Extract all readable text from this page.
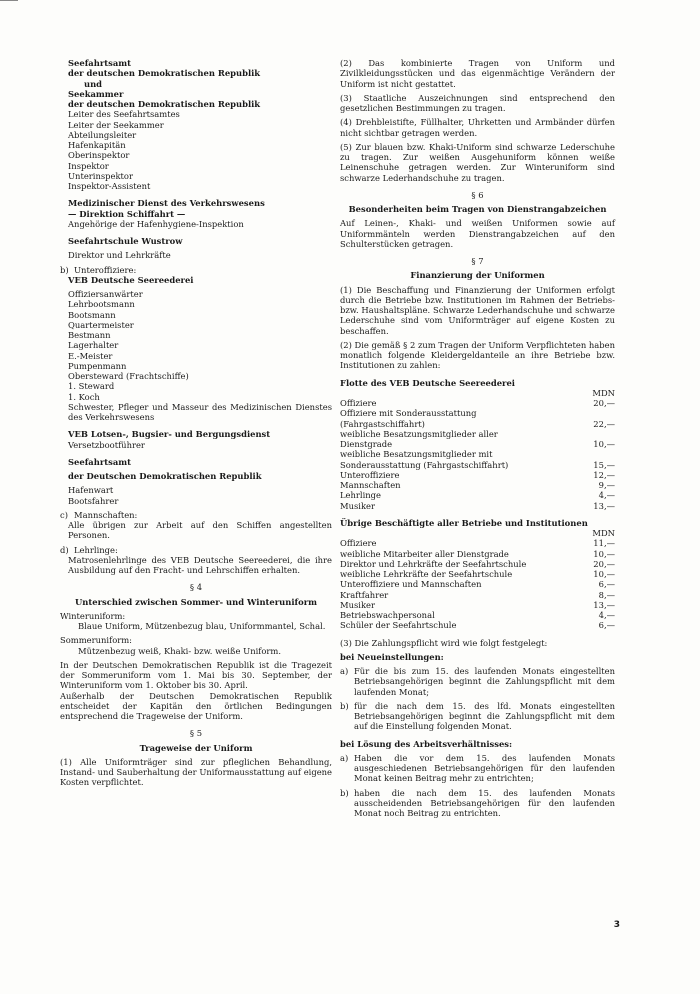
Seefahrtsamt
der deutschen Demokratischen Republik
und
Seekammer
der deutschen Demokratischen Republik
Leiter des Seefahrtsamtes
Leiter der Seekammer
Abteilungsleiter
Hafenkapitän
Oberinspektor
Inspektor
Unterinspektor
Inspektor-Assistent
Medizinischer Dienst des Verkehrswesens
— Direktion Schiffahrt —
Angehörige der Hafenhygiene-Inspektion
Seefahrtschule Wustrow
Direktor und Lehrkräfte
b) Unteroffiziere:
VEB Deutsche Seereederei
Offiziersanwärter
Lehrbootsmann
Bootsmann
Quartermeister
Bestmann
Lagerhalter
E.-Meister
Pumpenmann
Obersteward (Frachtschiffe)
1. Steward
1. Koch
Schwester, Pfleger und Masseur des Medizinischen Dienstes des Verkehrswesens
VEB Lotsen-, Bugsier- und Bergungsdienst
Versetzbootführer
Seefahrtsamt
der Deutschen Demokratischen Republik
Hafenwart
Bootsfahrer
c) Mannschaften:
Alle übrigen zur Arbeit auf den Schiffen angestellten Personen.
d) Lehrlinge:
Matrosenlehrlinge des VEB Deutsche Seereederei, die ihre Ausbildung auf den Fracht- und Lehrschiffen erhalten.
§ 4
Unterschied zwischen Sommer- und Winteruniform
Winteruniform:
Blaue Uniform, Mützenbezug blau, Uniformmantel, Schal.
Sommeruniform:
Mützenbezug weiß, Khaki- bzw. weiße Uniform.
In der Deutschen Demokratischen Republik ist die Tragezeit der Sommeruniform vom 1. Mai bis 30. September, der Winteruniform vom 1. Oktober bis 30. April.
Außerhalb der Deutschen Demokratischen Republik entscheidet der Kapitän den örtlichen Bedingungen entsprechend die Trageweise der Uniform.
§ 5
Trageweise der Uniform
(1) Alle Uniformträger sind zur pfleglichen Behandlung, Instand- und Sauberhaltung der Uniformausstattung auf eigene Kosten verpflichtet.
(2) Das kombinierte Tragen von Uniform und Zivilkleidungsstücken und das eigenmächtige Verändern der Uniform ist nicht gestattet.
(3) Staatliche Auszeichnungen sind entsprechend den gesetzlichen Bestimmungen zu tragen.
(4) Drehbleistifte, Füllhalter, Uhrketten und Armbänder dürfen nicht sichtbar getragen werden.
(5) Zur blauen bzw. Khaki-Uniform sind schwarze Lederschuhe zu tragen. Zur weißen Ausgehuniform können weiße Leinenschuhe getragen werden. Zur Winteruniform sind schwarze Lederhandschuhe zu tragen.
§ 6
Besonderheiten beim Tragen von Dienstrangabzeichen
Auf Leinen-, Khaki- und weißen Uniformen sowie auf Uniformmänteln werden Dienstrangabzeichen auf den Schulterstücken getragen.
§ 7
Finanzierung der Uniformen
(1) Die Beschaffung und Finanzierung der Uniformen erfolgt durch die Betriebe bzw. Institutionen im Rahmen der Betriebs- bzw. Haushaltspläne. Schwarze Lederhandschuhe und schwarze Lederschuhe sind vom Uniformträger auf eigene Kosten zu beschaffen.
(2) Die gemäß § 2 zum Tragen der Uniform Verpflichteten haben monatlich folgende Kleidergeldanteile an ihre Betriebe bzw. Institutionen zu zahlen:
Flotte des VEB Deutsche Seereederei
MDN
Offiziere	20,—
Offiziere mit Sonderausstattung
(Fahrgastschiffahrt)	22,—
weibliche Besatzungsmitglieder aller
Dienstgrade	10,—
weibliche Besatzungsmitglieder mit
Sonderausstattung (Fahrgastschiffahrt)	15,—
Unteroffiziere	12,—
Mannschaften	9,—
Lehrlinge	4,—
Musiker	13,—
Übrige Beschäftigte aller Betriebe und Institutionen
MDN
Offiziere	11,—
weibliche Mitarbeiter aller Dienstgrade	10,—
Direktor und Lehrkräfte der Seefahrtschule	20,—
weibliche Lehrkräfte der Seefahrtschule	10,—
Unteroffiziere und Mannschaften	6,—
Kraftfahrer	8,—
Musiker	13,—
Betriebswachpersonal	4,—
Schüler der Seefahrtschule	6,—
(3) Die Zahlungspflicht wird wie folgt festgelegt:
bei Neueinstellungen:
a) Für die bis zum 15. des laufenden Monats eingestellten Betriebsangehörigen beginnt die Zahlungspflicht mit dem laufenden Monat;
b) für die nach dem 15. des lfd. Monats eingestellten Betriebsangehörigen beginnt die Zahlungspflicht mit dem auf die Einstellung folgenden Monat.
bei Lösung des Arbeitsverhältnisses:
a) Haben die vor dem 15. des laufenden Monats ausgeschiedenen Betriebsangehörigen für den laufenden Monat keinen Beitrag mehr zu entrichten;
b) haben die nach dem 15. des laufenden Monats ausscheidenden Betriebsangehörigen für den laufenden Monat noch Beitrag zu entrichten.
3
